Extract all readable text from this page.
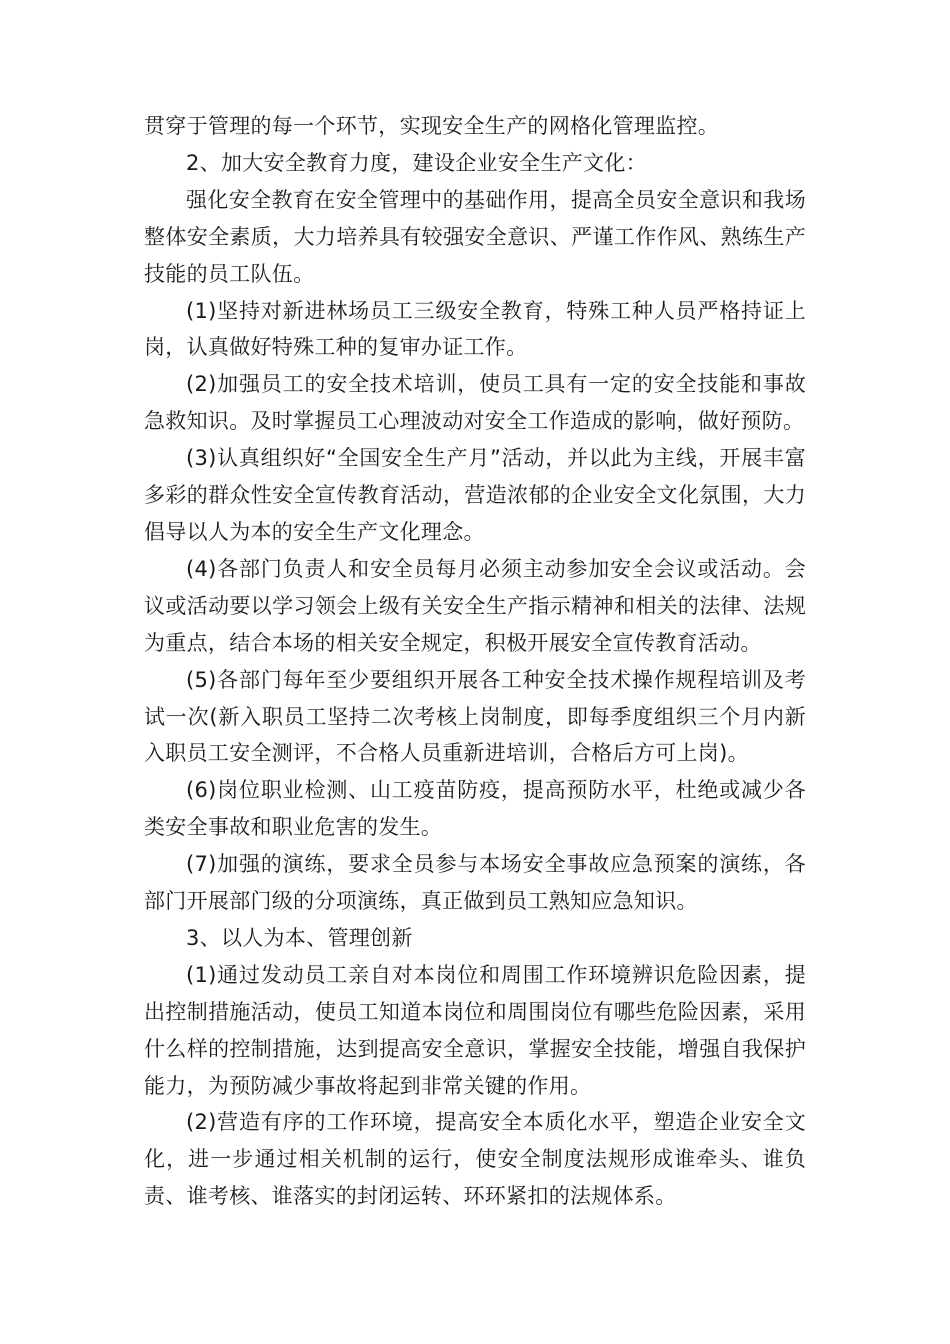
贯穿于管理的每一个环节，实现安全生产的网格化管理监控。

2、加大安全教育力度，建设企业安全生产文化：

强化安全教育在安全管理中的基础作用，提高全员安全意识和我场整体安全素质，大力培养具有较强安全意识、严谨工作作风、熟练生产技能的员工队伍。

(1)坚持对新进林场员工三级安全教育，特殊工种人员严格持证上岗，认真做好特殊工种的复审办证工作。

(2)加强员工的安全技术培训，使员工具有一定的安全技能和事故急救知识。及时掌握员工心理波动对安全工作造成的影响，做好预防。

(3)认真组织好“全国安全生产月”活动，并以此为主线，开展丰富多彩的群众性安全宣传教育活动，营造浓郁的企业安全文化氛围，大力倡导以人为本的安全生产文化理念。

(4)各部门负责人和安全员每月必须主动参加安全会议或活动。会议或活动要以学习领会上级有关安全生产指示精神和相关的法律、法规为重点，结合本场的相关安全规定，积极开展安全宣传教育活动。

(5)各部门每年至少要组织开展各工种安全技术操作规程培训及考试一次(新入职员工坚持二次考核上岗制度，即每季度组织三个月内新入职员工安全测评，不合格人员重新进培训，合格后方可上岗)。

(6)岗位职业检测、山工疫苗防疫，提高预防水平，杜绝或减少各类安全事故和职业危害的发生。

(7)加强的演练，要求全员参与本场安全事故应急预案的演练，各部门开展部门级的分项演练，真正做到员工熟知应急知识。

3、以人为本、管理创新

(1)通过发动员工亲自对本岗位和周围工作环境辨识危险因素，提出控制措施活动，使员工知道本岗位和周围岗位有哪些危险因素，采用什么样的控制措施，达到提高安全意识，掌握安全技能，增强自我保护能力，为预防减少事故将起到非常关键的作用。

(2)营造有序的工作环境，提高安全本质化水平，塑造企业安全文化，进一步通过相关机制的运行，使安全制度法规形成谁牵头、谁负责、谁考核、谁落实的封闭运转、环环紧扣的法规体系。
